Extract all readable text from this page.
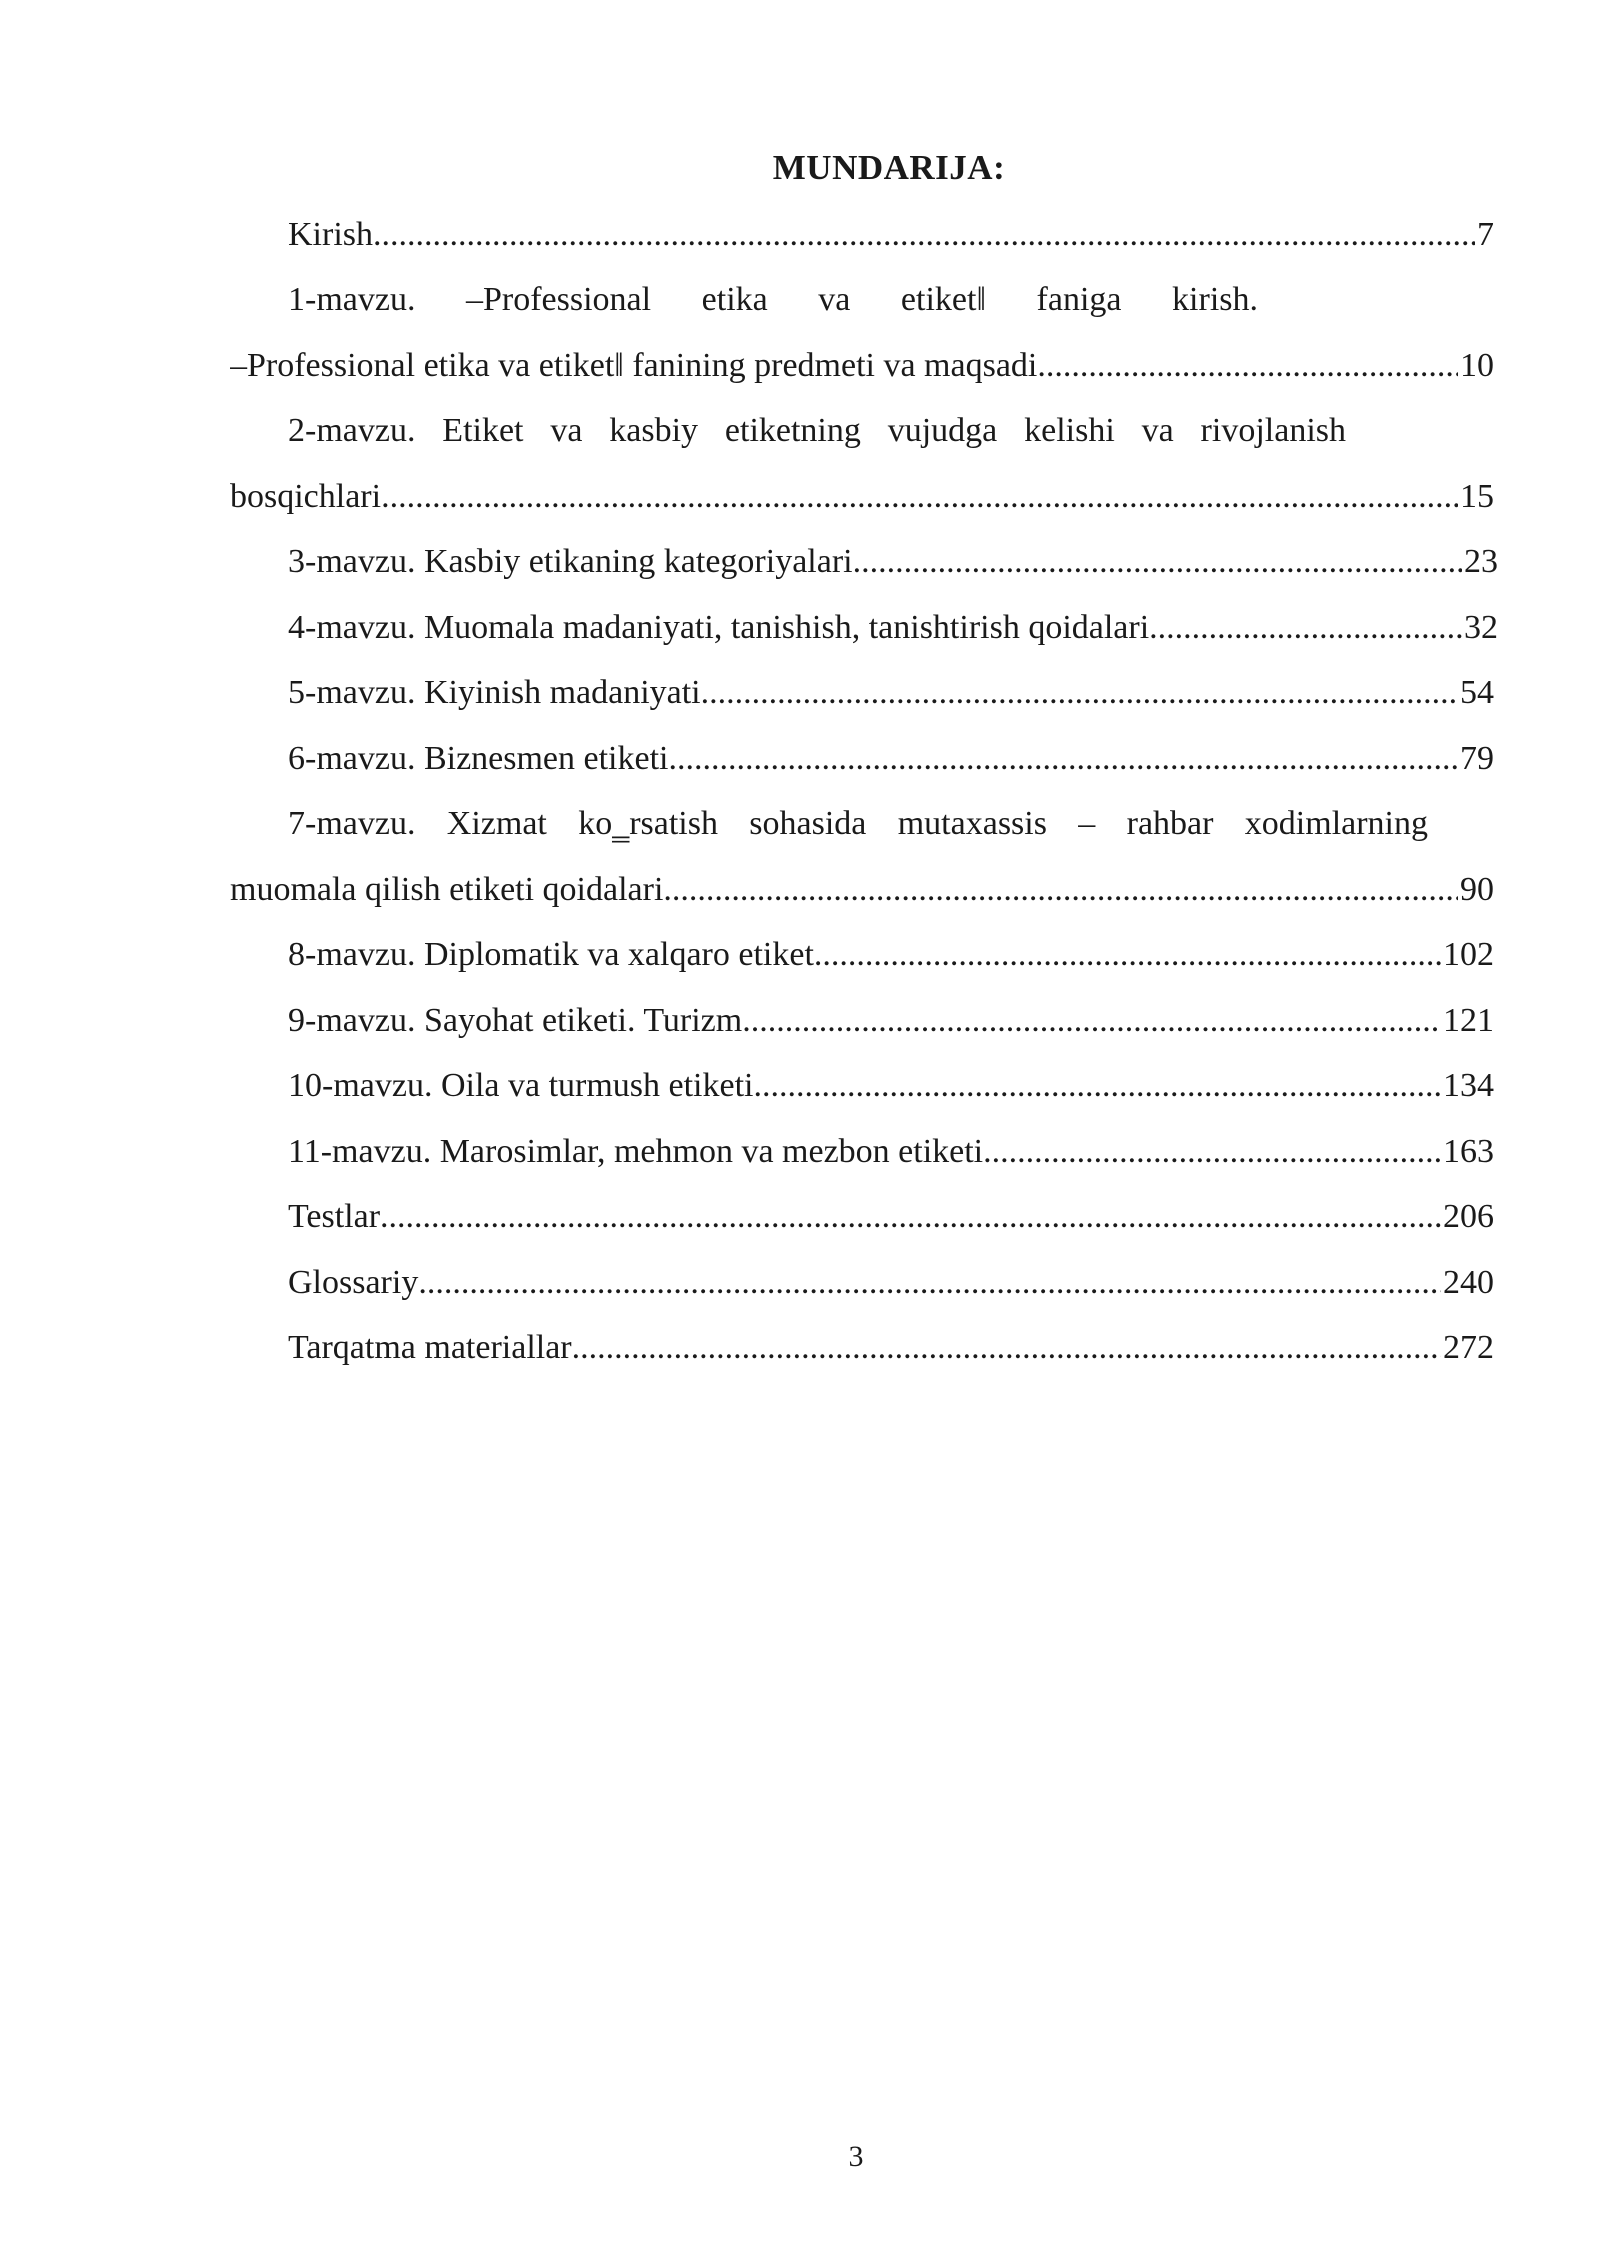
MUNDARIJA:
Kirish .....	7
1-mavzu. –Professional etika va etiket‖ faniga kirish.
–Professional etika va etiket‖ fanining predmeti va maqsadi .....	10
2-mavzu. Etiket va kasbiy etiketning vujudga kelishi va rivojlanish
bosqichlari .....	15
3-mavzu. Kasbiy etikaning kategoriyalari .....	23
4-mavzu. Muomala madaniyati, tanishish, tanishtirish qoidalari .....	32
5-mavzu. Kiyinish madaniyati .....	54
6-mavzu. Biznesmen etiketi .....	79
7-mavzu. Xizmat ko‗rsatish sohasida mutaxassis – rahbar xodimlarning
muomala qilish etiketi qoidalari .....	90
8-mavzu. Diplomatik va xalqaro etiket .....	102
9-mavzu. Sayohat etiketi. Turizm .....	121
10-mavzu. Oila va turmush etiketi .....	134
11-mavzu. Marosimlar, mehmon va mezbon etiketi .....	163
Testlar .....	206
Glossariy .....	240
Tarqatma materiallar .....	272
3
